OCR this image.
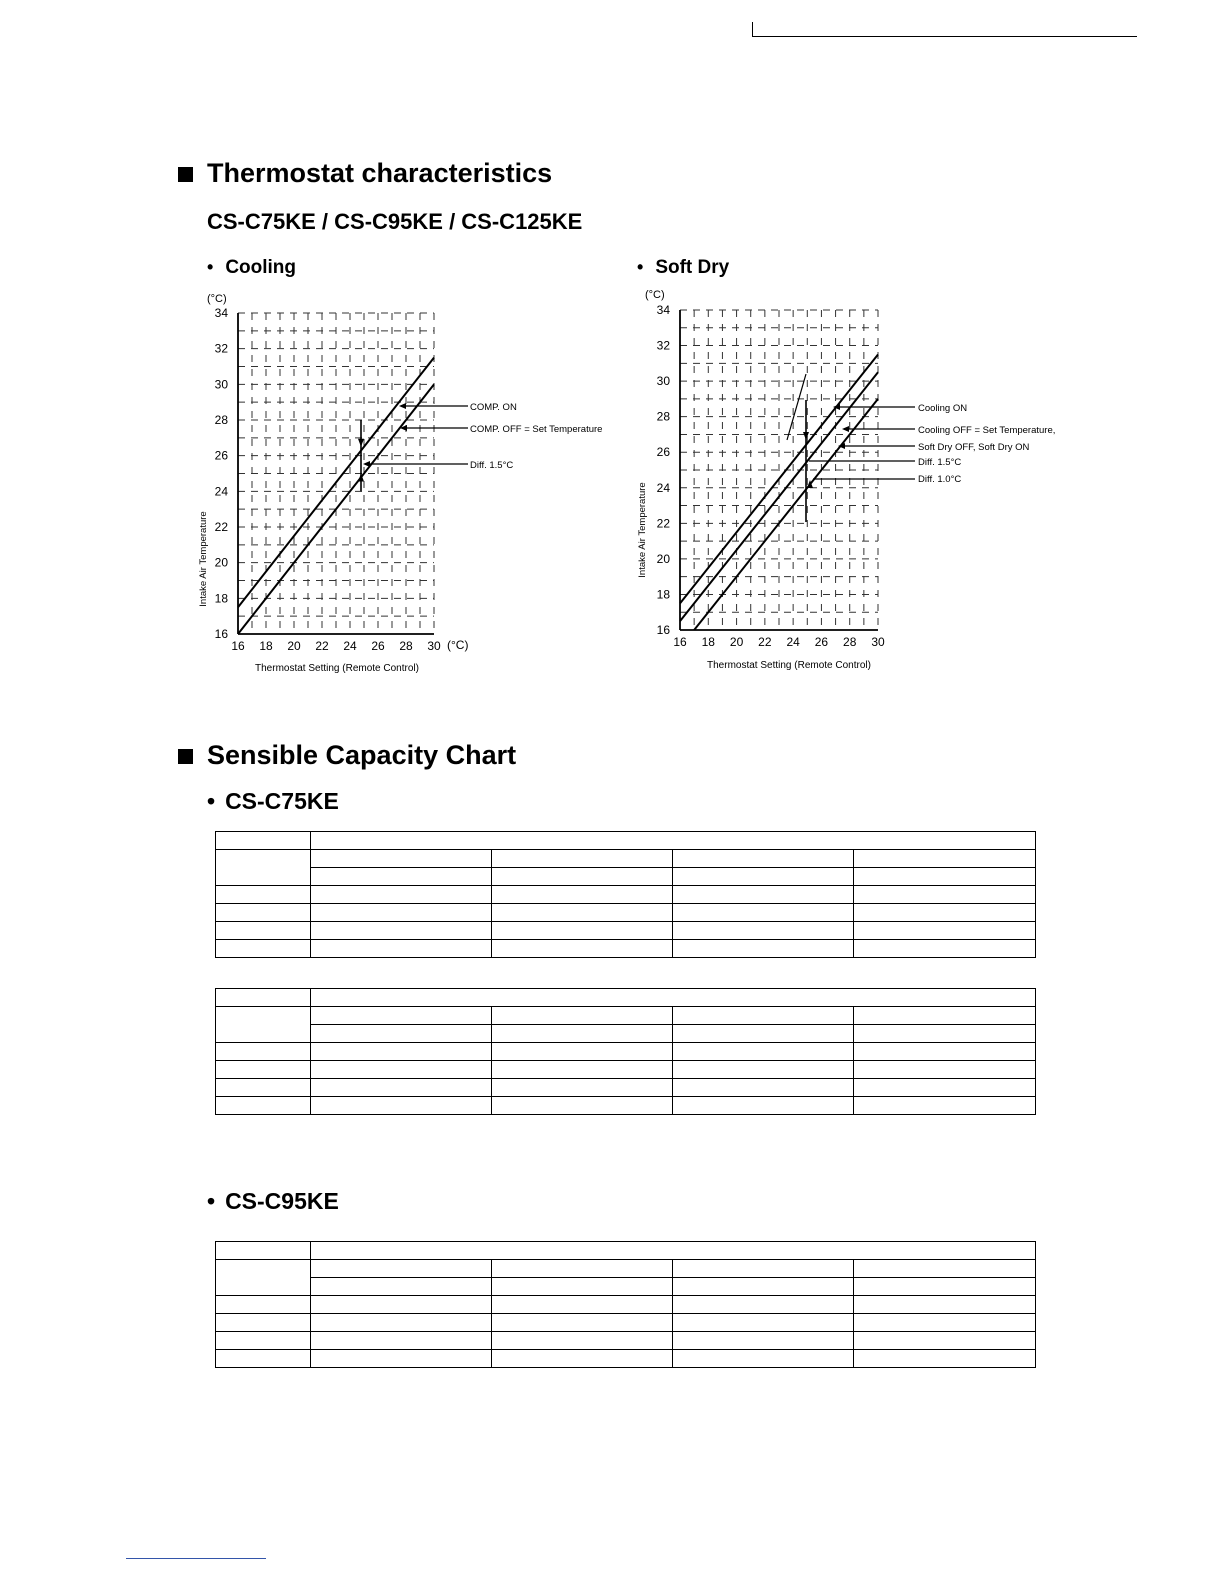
Thermostat characteristics
CS-C75KE / CS-C95KE / CS-C125KE
• Cooling	• Soft Dry
16 18 20 22 24 26 28 30
16
18
20
22
24
26
28
30
32
34
(°C)
(°C)
Intake Air Temperature
Thermostat Setting (Remote Control)
COMP. ON
COMP. OFF = Set Temperature
Diff. 1.5°C
16 18 20 22 24 26 28 30
16
18
20
22
24
26
28
30
32
34
(°C)
Intake Air Temperature
Thermostat Setting (Remote Control)
Cooling ON
Cooling OFF = Set Temperature,
Soft Dry OFF, Soft Dry ON
Diff. 1.5°C
Diff. 1.0°C
Sensible Capacity Chart
• CS-C75KE

• CS-C95KE
